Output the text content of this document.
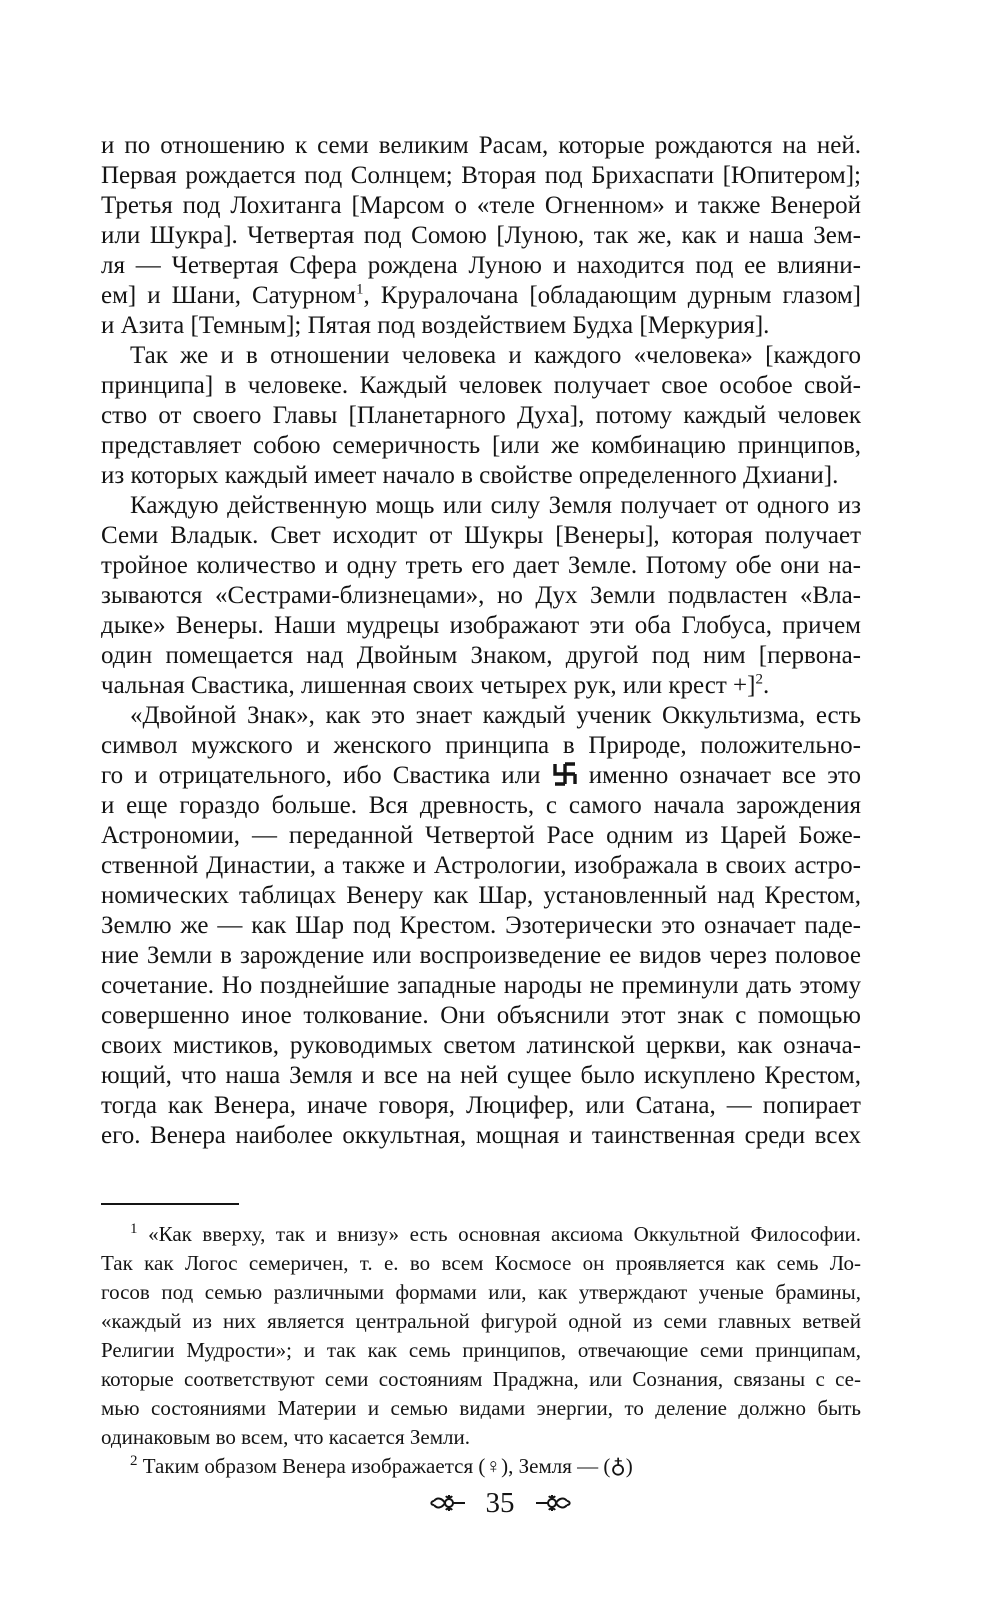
и по отношению к семи великим Расам, которые рождаются на ней.

Первая рождается под Солнцем; Вторая под Брихаспати [Юпитером];

Третья под Лохитанга [Марсом о «теле Огненном» и также Венерой

или Шукра]. Четвертая под Сомою [Луною, так же, как и наша Зем-

ля — Четвертая Сфера рождена Луною и находится под ее влияни-

ем] и Шани, Сатурном$^1$, Круралочана [обладающим дурным глазом]

и Азита [Темным]; Пятая под воздействием Будха [Меркурия].

Так же и в отношении человека и каждого «человека» [каждого

принципа] в человеке. Каждый человек получает свое особое свой-

ство от своего Главы [Планетарного Духа], потому каждый человек

представляет собою семеричность [или же комбинацию принципов,

из которых каждый имеет начало в свойстве определенного Дхиани].

Каждую действенную мощь или силу Земля получает от одного из

Семи Владык. Свет исходит от Шукры [Венеры], которая получает

тройное количество и одну треть его дает Земле. Потому обе они на-

зываются «Сестрами-близнецами», но Дух Земли подвластен «Вла-

дыке» Венеры. Наши мудрецы изображают эти оба Глобуса, причем

один помещается над Двойным Знаком, другой под ним [первона-

чальная Свастика, лишенная своих четырех рук, или крест +]$^2$.

«Двойной Знак», как это знает каждый ученик Оккультизма, есть

символ мужского и женского принципа в Природе, положительно-

го и отрицательного, ибо Свастика или именно означает все это

и еще гораздо больше. Вся древность, с самого начала зарождения

Астрономии, — переданной Четвертой Расе одним из Царей Боже-

ственной Династии, а также и Астрологии, изображала в своих астро-

номических таблицах Венеру как Шар, установленный над Крестом,

Землю же — как Шар под Крестом. Эзотерически это означает паде-

ние Земли в зарождение или воспроизведение ее видов через половое

сочетание. Но позднейшие западные народы не преминули дать этому

совершенно иное толкование. Они объяснили этот знак с помощью

своих мистиков, руководимых светом латинской церкви, как означа-

ющий, что наша Земля и все на ней сущее было искуплено Крестом,

тогда как Венера, иначе говоря, Люцифер, или Сатана, — попирает

его. Венера наиболее оккультная, мощная и таинственная среди всех

$^1$ «Как вверху, так и внизу» есть основная аксиома Оккультной Философии.

Так как Логос семеричен, т. е. во всем Космосе он проявляется как семь Ло-

госов под семью различными формами или, как утверждают ученые брамины,

«каждый из них является центральной фигурой одной из семи главных ветвей

Религии Мудрости»; и так как семь принципов, отвечающие семи принципам,

которые соответствуют семи состояниям Праджна, или Сознания, связаны с се-

мью состояниями Материи и семью видами энергии, то деление должно быть

одинаковым во всем, что касается Земли.

$^2$ Таким образом Венера изображается (♀), Земля — (♁)

35
